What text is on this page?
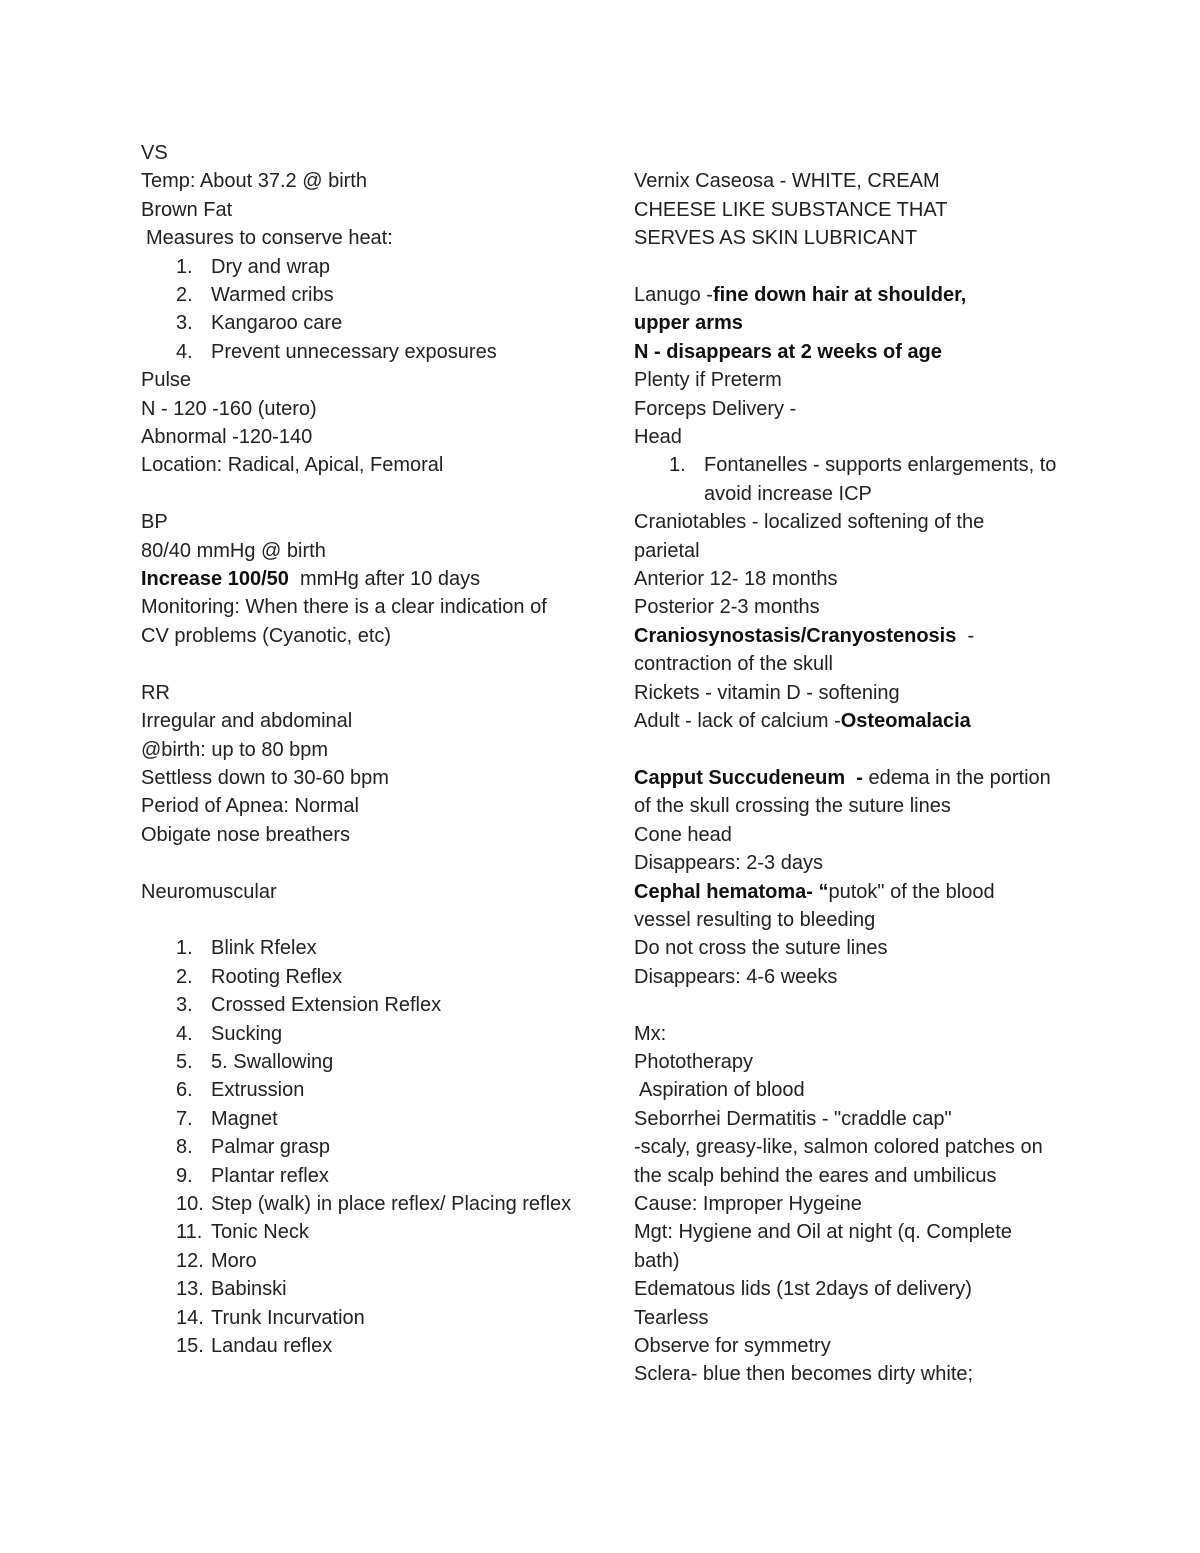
VS
Temp: About 37.2 @ birth
Brown Fat
Measures to conserve heat:
1. Dry and wrap
2. Warmed cribs
3. Kangaroo care
4. Prevent unnecessary exposures
Pulse
N - 120 -160 (utero)
Abnormal -120-140
Location: Radical, Apical, Femoral
BP
80/40 mmHg @ birth
Increase 100/50  mmHg after 10 days
Monitoring: When there is a clear indication of CV problems (Cyanotic, etc)
RR
Irregular and abdominal
@birth: up to 80 bpm
Settless down to 30-60 bpm
Period of Apnea: Normal
Obigate nose breathers
Neuromuscular
1. Blink Rfelex
2. Rooting Reflex
3. Crossed Extension Reflex
4. Sucking
5. 5. Swallowing
6. Extrussion
7. Magnet
8. Palmar grasp
9. Plantar reflex
10. Step (walk) in place reflex/ Placing reflex
11. Tonic Neck
12. Moro
13. Babinski
14. Trunk Incurvation
15. Landau reflex
Vernix Caseosa - WHITE, CREAM CHEESE LIKE SUBSTANCE THAT SERVES AS SKIN LUBRICANT
Lanugo -fine down hair at shoulder, upper arms
N - disappears at 2 weeks of age
Plenty if Preterm
Forceps Delivery -
Head
1. Fontanelles - supports enlargements, to avoid increase ICP
Craniotables - localized softening of the parietal
Anterior 12- 18 months
Posterior 2-3 months
Craniosynostasis/Cranyostenosis  - contraction of the skull
Rickets - vitamin D - softening
Adult - lack of calcium -Osteomalacia
Capput Succudeneum  - edema in the portion of the skull crossing the suture lines
Cone head
Disappears: 2-3 days
Cephal hematoma- “putok" of the blood vessel resulting to bleeding
Do not cross the suture lines
Disappears: 4-6 weeks
Mx:
Phototherapy
Aspiration of blood
Seborrhei Dermatitis - "craddle cap"
-scaly, greasy-like, salmon colored patches on the scalp behind the eares and umbilicus
Cause: Improper Hygeine
Mgt: Hygiene and Oil at night (q. Complete bath)
Edematous lids (1st 2days of delivery)
Tearless
Observe for symmetry
Sclera- blue then becomes dirty white;
